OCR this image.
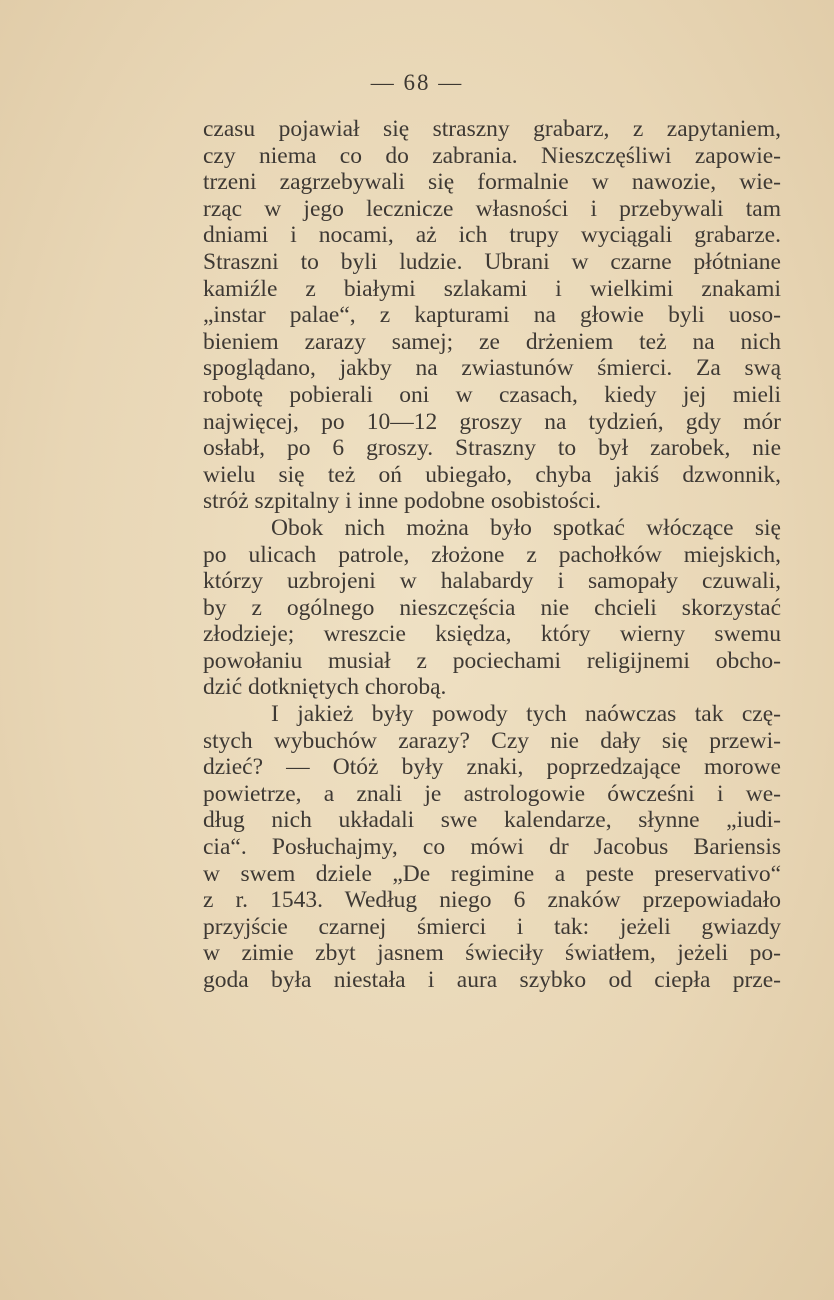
— 68 —
czasu pojawiał się straszny grabarz, z zapytaniem,
czy niema co do zabrania. Nieszczęśliwi zapowie-
trzeni zagrzebywali się formalnie w nawozie, wie-
rząc w jego lecznicze własności i przebywali tam
dniami i nocami, aż ich trupy wyciągali grabarze.
Straszni to byli ludzie. Ubrani w czarne płótniane
kamiźle z białymi szlakami i wielkimi znakami
„instar palae“, z kapturami na głowie byli uoso-
bieniem zarazy samej; ze drżeniem też na nich
spoglądano, jakby na zwiastunów śmierci. Za swą
robotę pobierali oni w czasach, kiedy jej mieli
najwięcej, po 10—12 groszy na tydzień, gdy mór
osłabł, po 6 groszy. Straszny to był zarobek, nie
wielu się też oń ubiegało, chyba jakiś dzwonnik,
stróż szpitalny i inne podobne osobistości.
Obok nich można było spotkać włóczące się
po ulicach patrole, złożone z pachołków miejskich,
którzy uzbrojeni w halabardy i samopały czuwali,
by z ogólnego nieszczęścia nie chcieli skorzystać
złodzieje; wreszcie księdza, który wierny swemu
powołaniu musiał z pociechami religijnemi obcho-
dzić dotkniętych chorobą.
I jakież były powody tych naówczas tak czę-
stych wybuchów zarazy? Czy nie dały się przewi-
dzieć? — Otóż były znaki, poprzedzające morowe
powietrze, a znali je astrologowie ówcześni i we-
dług nich układali swe kalendarze, słynne „iudi-
cia“. Posłuchajmy, co mówi dr Jacobus Bariensis
w swem dziele „De regimine a peste preservativo“
z r. 1543. Według niego 6 znaków przepowiadało
przyjście czarnej śmierci i tak: jeżeli gwiazdy
w zimie zbyt jasnem świeciły światłem, jeżeli po-
goda była niestała i aura szybko od ciepła prze-
